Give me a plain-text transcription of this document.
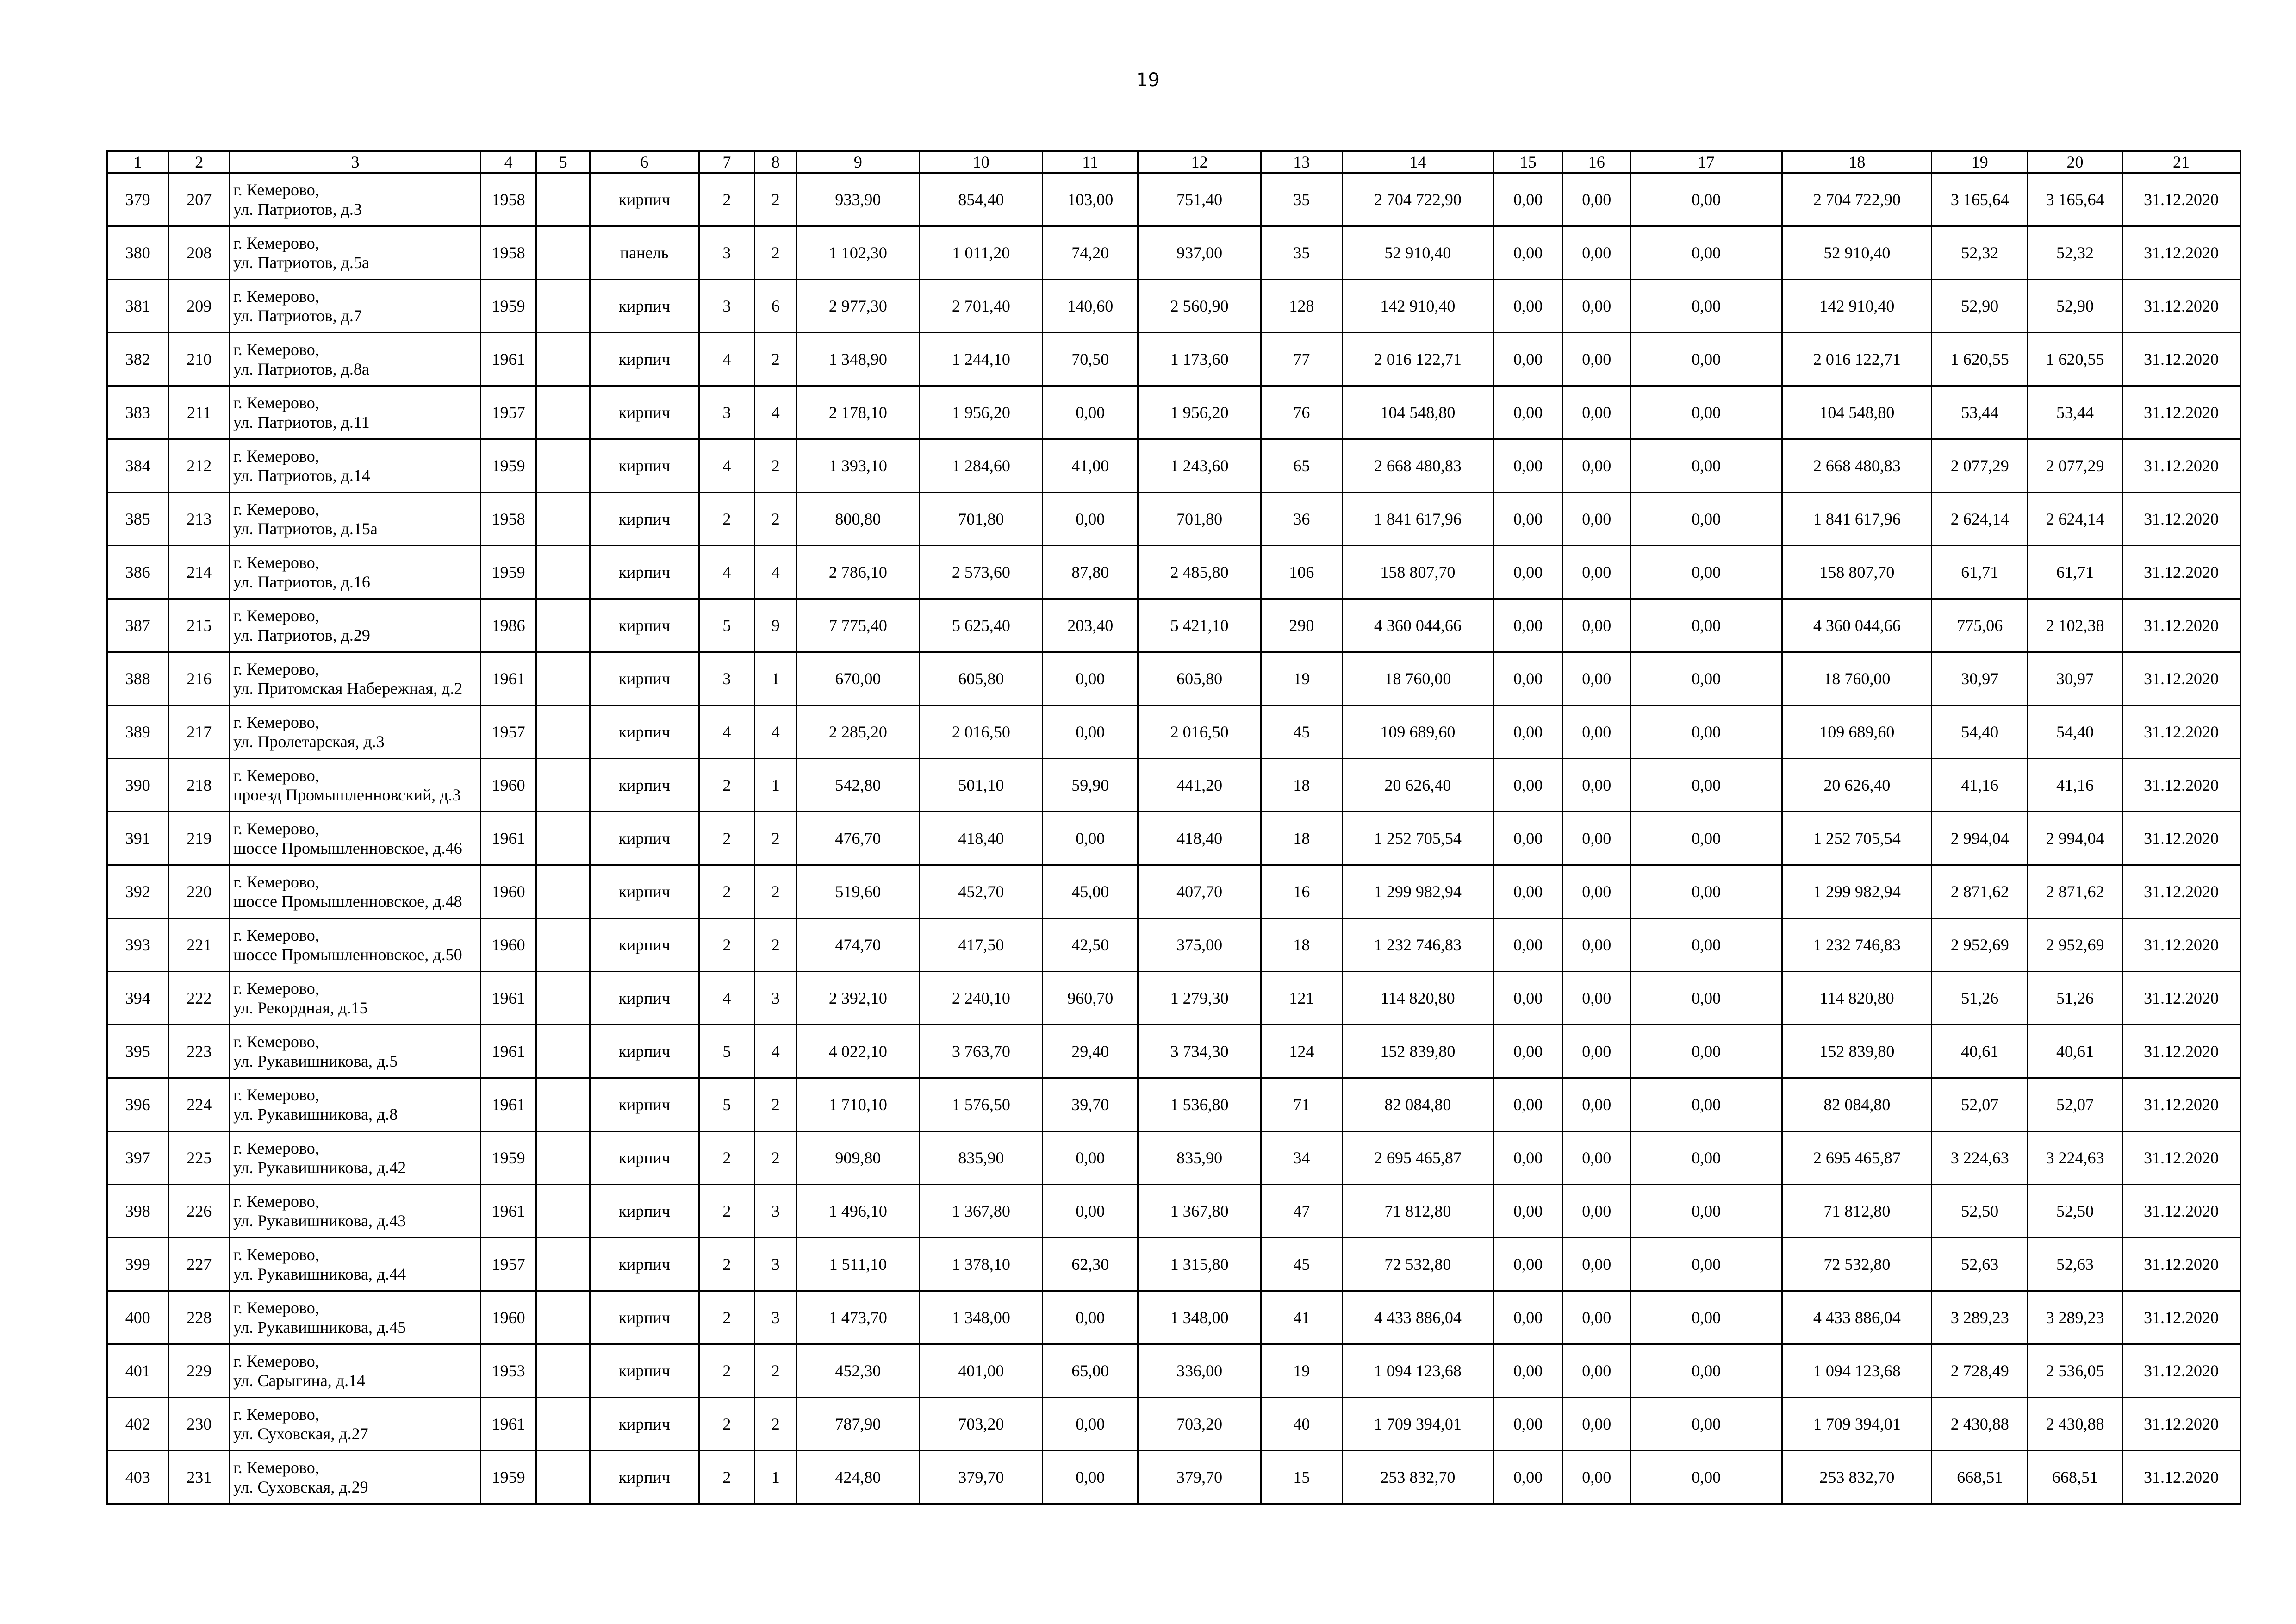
19
1	2	3	4	5	6	7	8	9	10	11	12	13	14	15	16	17	18	19	20	21
379	207	г. Кемерово,
ул. Патриотов, д.3	1958		кирпич	2	2	933,90	854,40	103,00	751,40	35	2 704 722,90	0,00	0,00	0,00	2 704 722,90	3 165,64	3 165,64	31.12.2020
380	208	г. Кемерово,
ул. Патриотов, д.5а	1958		панель	3	2	1 102,30	1 011,20	74,20	937,00	35	52 910,40	0,00	0,00	0,00	52 910,40	52,32	52,32	31.12.2020
381	209	г. Кемерово,
ул. Патриотов, д.7	1959		кирпич	3	6	2 977,30	2 701,40	140,60	2 560,90	128	142 910,40	0,00	0,00	0,00	142 910,40	52,90	52,90	31.12.2020
382	210	г. Кемерово,
ул. Патриотов, д.8а	1961		кирпич	4	2	1 348,90	1 244,10	70,50	1 173,60	77	2 016 122,71	0,00	0,00	0,00	2 016 122,71	1 620,55	1 620,55	31.12.2020
383	211	г. Кемерово,
ул. Патриотов, д.11	1957		кирпич	3	4	2 178,10	1 956,20	0,00	1 956,20	76	104 548,80	0,00	0,00	0,00	104 548,80	53,44	53,44	31.12.2020
384	212	г. Кемерово,
ул. Патриотов, д.14	1959		кирпич	4	2	1 393,10	1 284,60	41,00	1 243,60	65	2 668 480,83	0,00	0,00	0,00	2 668 480,83	2 077,29	2 077,29	31.12.2020
385	213	г. Кемерово,
ул. Патриотов, д.15а	1958		кирпич	2	2	800,80	701,80	0,00	701,80	36	1 841 617,96	0,00	0,00	0,00	1 841 617,96	2 624,14	2 624,14	31.12.2020
386	214	г. Кемерово,
ул. Патриотов, д.16	1959		кирпич	4	4	2 786,10	2 573,60	87,80	2 485,80	106	158 807,70	0,00	0,00	0,00	158 807,70	61,71	61,71	31.12.2020
387	215	г. Кемерово,
ул. Патриотов, д.29	1986		кирпич	5	9	7 775,40	5 625,40	203,40	5 421,10	290	4 360 044,66	0,00	0,00	0,00	4 360 044,66	775,06	2 102,38	31.12.2020
388	216	г. Кемерово,
ул. Притомская Набережная, д.2	1961		кирпич	3	1	670,00	605,80	0,00	605,80	19	18 760,00	0,00	0,00	0,00	18 760,00	30,97	30,97	31.12.2020
389	217	г. Кемерово,
ул. Пролетарская, д.3	1957		кирпич	4	4	2 285,20	2 016,50	0,00	2 016,50	45	109 689,60	0,00	0,00	0,00	109 689,60	54,40	54,40	31.12.2020
390	218	г. Кемерово,
проезд Промышленновский, д.3	1960		кирпич	2	1	542,80	501,10	59,90	441,20	18	20 626,40	0,00	0,00	0,00	20 626,40	41,16	41,16	31.12.2020
391	219	г. Кемерово,
шоссе Промышленновское, д.46	1961		кирпич	2	2	476,70	418,40	0,00	418,40	18	1 252 705,54	0,00	0,00	0,00	1 252 705,54	2 994,04	2 994,04	31.12.2020
392	220	г. Кемерово,
шоссе Промышленновское, д.48	1960		кирпич	2	2	519,60	452,70	45,00	407,70	16	1 299 982,94	0,00	0,00	0,00	1 299 982,94	2 871,62	2 871,62	31.12.2020
393	221	г. Кемерово,
шоссе Промышленновское, д.50	1960		кирпич	2	2	474,70	417,50	42,50	375,00	18	1 232 746,83	0,00	0,00	0,00	1 232 746,83	2 952,69	2 952,69	31.12.2020
394	222	г. Кемерово,
ул. Рекордная, д.15	1961		кирпич	4	3	2 392,10	2 240,10	960,70	1 279,30	121	114 820,80	0,00	0,00	0,00	114 820,80	51,26	51,26	31.12.2020
395	223	г. Кемерово,
ул. Рукавишникова, д.5	1961		кирпич	5	4	4 022,10	3 763,70	29,40	3 734,30	124	152 839,80	0,00	0,00	0,00	152 839,80	40,61	40,61	31.12.2020
396	224	г. Кемерово,
ул. Рукавишникова, д.8	1961		кирпич	5	2	1 710,10	1 576,50	39,70	1 536,80	71	82 084,80	0,00	0,00	0,00	82 084,80	52,07	52,07	31.12.2020
397	225	г. Кемерово,
ул. Рукавишникова, д.42	1959		кирпич	2	2	909,80	835,90	0,00	835,90	34	2 695 465,87	0,00	0,00	0,00	2 695 465,87	3 224,63	3 224,63	31.12.2020
398	226	г. Кемерово,
ул. Рукавишникова, д.43	1961		кирпич	2	3	1 496,10	1 367,80	0,00	1 367,80	47	71 812,80	0,00	0,00	0,00	71 812,80	52,50	52,50	31.12.2020
399	227	г. Кемерово,
ул. Рукавишникова, д.44	1957		кирпич	2	3	1 511,10	1 378,10	62,30	1 315,80	45	72 532,80	0,00	0,00	0,00	72 532,80	52,63	52,63	31.12.2020
400	228	г. Кемерово,
ул. Рукавишникова, д.45	1960		кирпич	2	3	1 473,70	1 348,00	0,00	1 348,00	41	4 433 886,04	0,00	0,00	0,00	4 433 886,04	3 289,23	3 289,23	31.12.2020
401	229	г. Кемерово,
ул. Сарыгина, д.14	1953		кирпич	2	2	452,30	401,00	65,00	336,00	19	1 094 123,68	0,00	0,00	0,00	1 094 123,68	2 728,49	2 536,05	31.12.2020
402	230	г. Кемерово,
ул. Суховская, д.27	1961		кирпич	2	2	787,90	703,20	0,00	703,20	40	1 709 394,01	0,00	0,00	0,00	1 709 394,01	2 430,88	2 430,88	31.12.2020
403	231	г. Кемерово,
ул. Суховская, д.29	1959		кирпич	2	1	424,80	379,70	0,00	379,70	15	253 832,70	0,00	0,00	0,00	253 832,70	668,51	668,51	31.12.2020
